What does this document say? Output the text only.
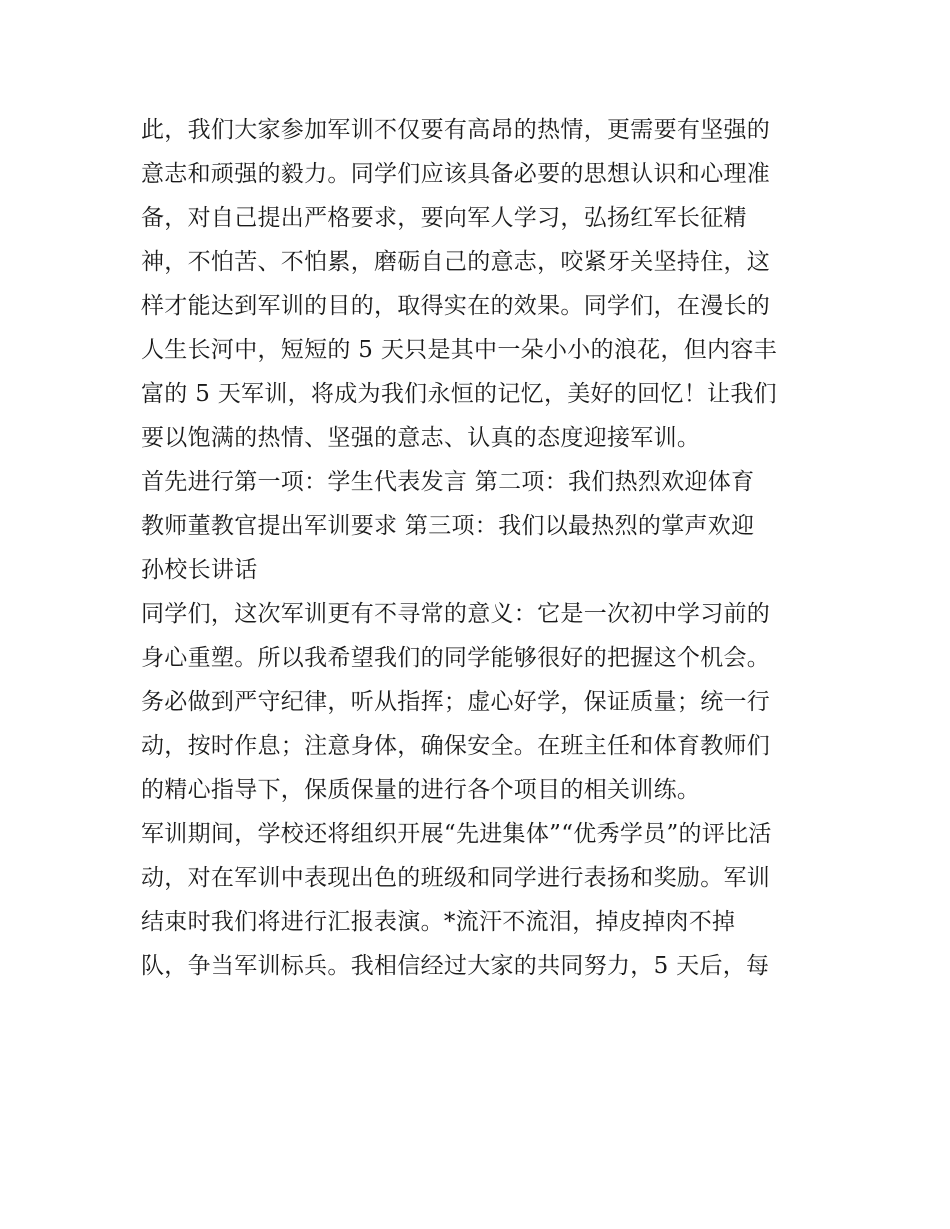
此，我们大家参加军训不仅要有高昂的热情，更需要有坚强的
意志和顽强的毅力。同学们应该具备必要的思想认识和心理准
备，对自己提出严格要求，要向军人学习，弘扬红军长征精
神，不怕苦、不怕累，磨砺自己的意志，咬紧牙关坚持住，这
样才能达到军训的目的，取得实在的效果。同学们，在漫长的
人生长河中，短短的 5 天只是其中一朵小小的浪花，但内容丰
富的 5 天军训，将成为我们永恒的记忆，美好的回忆！让我们
要以饱满的热情、坚强的意志、认真的态度迎接军训。
首先进行第一项：学生代表发言 第二项：我们热烈欢迎体育
教师董教官提出军训要求 第三项：我们以最热烈的掌声欢迎
孙校长讲话
同学们，这次军训更有不寻常的意义：它是一次初中学习前的
身心重塑。所以我希望我们的同学能够很好的把握这个机会。
务必做到严守纪律，听从指挥；虚心好学，保证质量；统一行
动，按时作息；注意身体，确保安全。在班主任和体育教师们
的精心指导下，保质保量的进行各个项目的相关训练。
军训期间，学校还将组织开展“先进集体”“优秀学员”的评比活
动，对在军训中表现出色的班级和同学进行表扬和奖励。军训
结束时我们将进行汇报表演。*流汗不流泪，掉皮掉肉不掉
队，争当军训标兵。我相信经过大家的共同努力，5 天后，每
